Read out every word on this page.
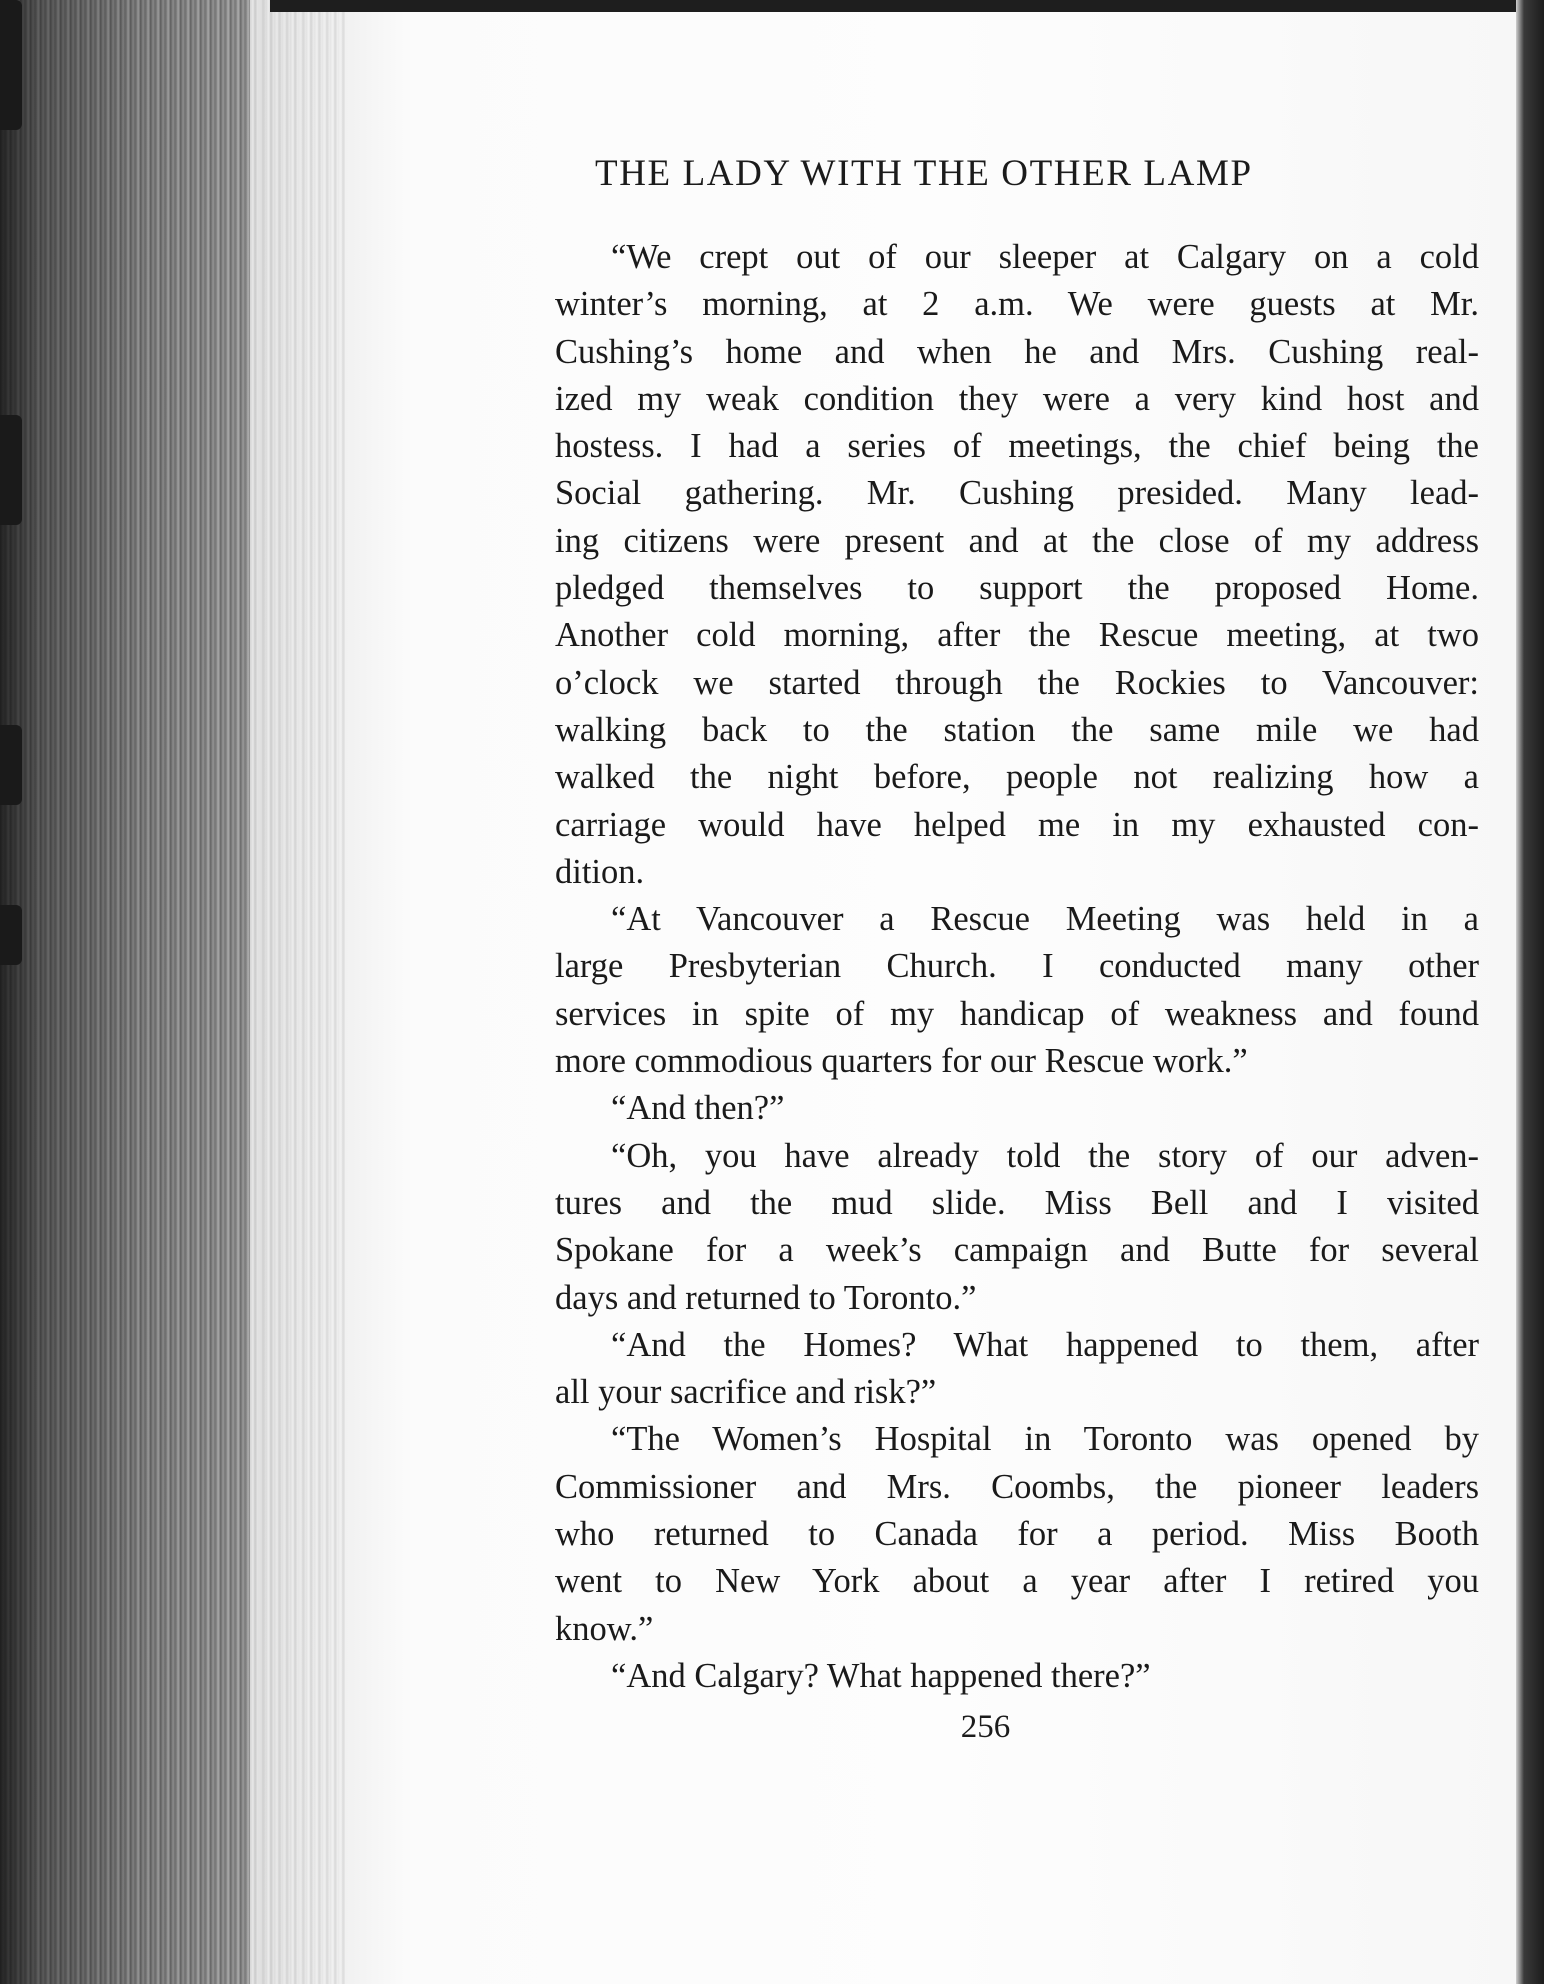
THE LADY WITH THE OTHER LAMP
“We crept out of our sleeper at Calgary on a cold
winter’s morning, at 2 a.m. We were guests at Mr.
Cushing’s home and when he and Mrs. Cushing real-
ized my weak condition they were a very kind host and
hostess. I had a series of meetings, the chief being the
Social gathering. Mr. Cushing presided. Many lead-
ing citizens were present and at the close of my address
pledged themselves to support the proposed Home.
Another cold morning, after the Rescue meeting, at two
o’clock we started through the Rockies to Vancouver:
walking back to the station the same mile we had
walked the night before, people not realizing how a
carriage would have helped me in my exhausted con-
dition.
“At Vancouver a Rescue Meeting was held in a
large Presbyterian Church. I conducted many other
services in spite of my handicap of weakness and found
more commodious quarters for our Rescue work.”
“And then?”
“Oh, you have already told the story of our adven-
tures and the mud slide. Miss Bell and I visited
Spokane for a week’s campaign and Butte for several
days and returned to Toronto.”
“And the Homes? What happened to them, after
all your sacrifice and risk?”
“The Women’s Hospital in Toronto was opened by
Commissioner and Mrs. Coombs, the pioneer leaders
who returned to Canada for a period. Miss Booth
went to New York about a year after I retired you
know.”
“And Calgary? What happened there?”
256
